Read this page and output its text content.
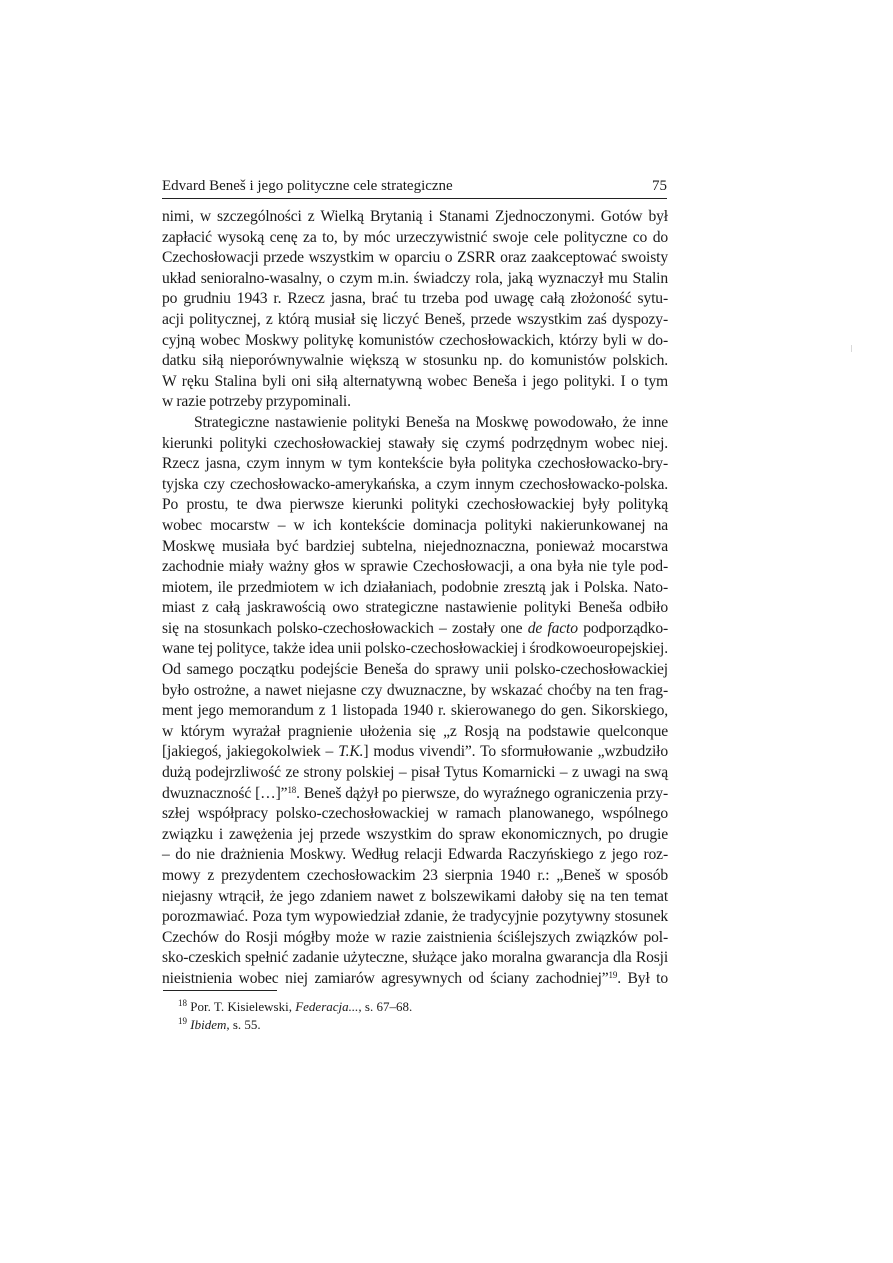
Edvard Beneš i jego polityczne cele strategiczne	75
nimi, w szczególności z Wielką Brytanią i Stanami Zjednoczonymi. Gotów był
zapłacić wysoką cenę za to, by móc urzeczywistnić swoje cele polityczne co do
Czechosłowacji przede wszystkim w oparciu o ZSRR oraz zaakceptować swoisty
układ senioralno-wasalny, o czym m.in. świadczy rola, jaką wyznaczył mu Stalin
po grudniu 1943 r. Rzecz jasna, brać tu trzeba pod uwagę całą złożoność sytu-
acji politycznej, z którą musiał się liczyć Beneš, przede wszystkim zaś dyspozy-
cyjną wobec Moskwy politykę komunistów czechosłowackich, którzy byli w do-
datku siłą nieporównywalnie większą w stosunku np. do komunistów polskich.
W ręku Stalina byli oni siłą alternatywną wobec Beneša i jego polityki. I o tym
w razie potrzeby przypominali.
Strategiczne nastawienie polityki Beneša na Moskwę powodowało, że inne
kierunki polityki czechosłowackiej stawały się czymś podrzędnym wobec niej.
Rzecz jasna, czym innym w tym kontekście była polityka czechosłowacko-bry-
tyjska czy czechosłowacko-amerykańska, a czym innym czechosłowacko-polska.
Po prostu, te dwa pierwsze kierunki polityki czechosłowackiej były polityką
wobec mocarstw – w ich kontekście dominacja polityki nakierunkowanej na
Moskwę musiała być bardziej subtelna, niejednoznaczna, ponieważ mocarstwa
zachodnie miały ważny głos w sprawie Czechosłowacji, a ona była nie tyle pod-
miotem, ile przedmiotem w ich działaniach, podobnie zresztą jak i Polska. Nato-
miast z całą jaskrawością owo strategiczne nastawienie polityki Beneša odbiło
się na stosunkach polsko-czechosłowackich – zostały one de facto podporządko-
wane tej polityce, także idea unii polsko-czechosłowackiej i środkowoeuropejskiej.
Od samego początku podejście Beneša do sprawy unii polsko-czechosłowackiej
było ostrożne, a nawet niejasne czy dwuznaczne, by wskazać choćby na ten frag-
ment jego memorandum z 1 listopada 1940 r. skierowanego do gen. Sikorskiego,
w którym wyrażał pragnienie ułożenia się „z Rosją na podstawie quelconque
[jakiegoś, jakiegokolwiek – T.K.] modus vivendi”. To sformułowanie „wzbudziło
dużą podejrzliwość ze strony polskiej – pisał Tytus Komarnicki – z uwagi na swą
dwuznaczność […]”$^{18}$. Beneš dążył po pierwsze, do wyraźnego ograniczenia przy-
szłej współpracy polsko-czechosłowackiej w ramach planowanego, wspólnego
związku i zawężenia jej przede wszystkim do spraw ekonomicznych, po drugie
– do nie drażnienia Moskwy. Według relacji Edwarda Raczyńskiego z jego roz-
mowy z prezydentem czechosłowackim 23 sierpnia 1940 r.: „Beneš w sposób
niejasny wtrącił, że jego zdaniem nawet z bolszewikami dałoby się na ten temat
porozmawiać. Poza tym wypowiedział zdanie, że tradycyjnie pozytywny stosunek
Czechów do Rosji mógłby może w razie zaistnienia ściślejszych związków pol-
sko-czeskich spełnić zadanie użyteczne, służące jako moralna gwarancja dla Rosji
nieistnienia wobec niej zamiarów agresywnych od ściany zachodniej”$^{19}$. Był to
$^{18}$ Por. T. Kisielewski, Federacja..., s. 67–68.
$^{19}$ Ibidem, s. 55.
